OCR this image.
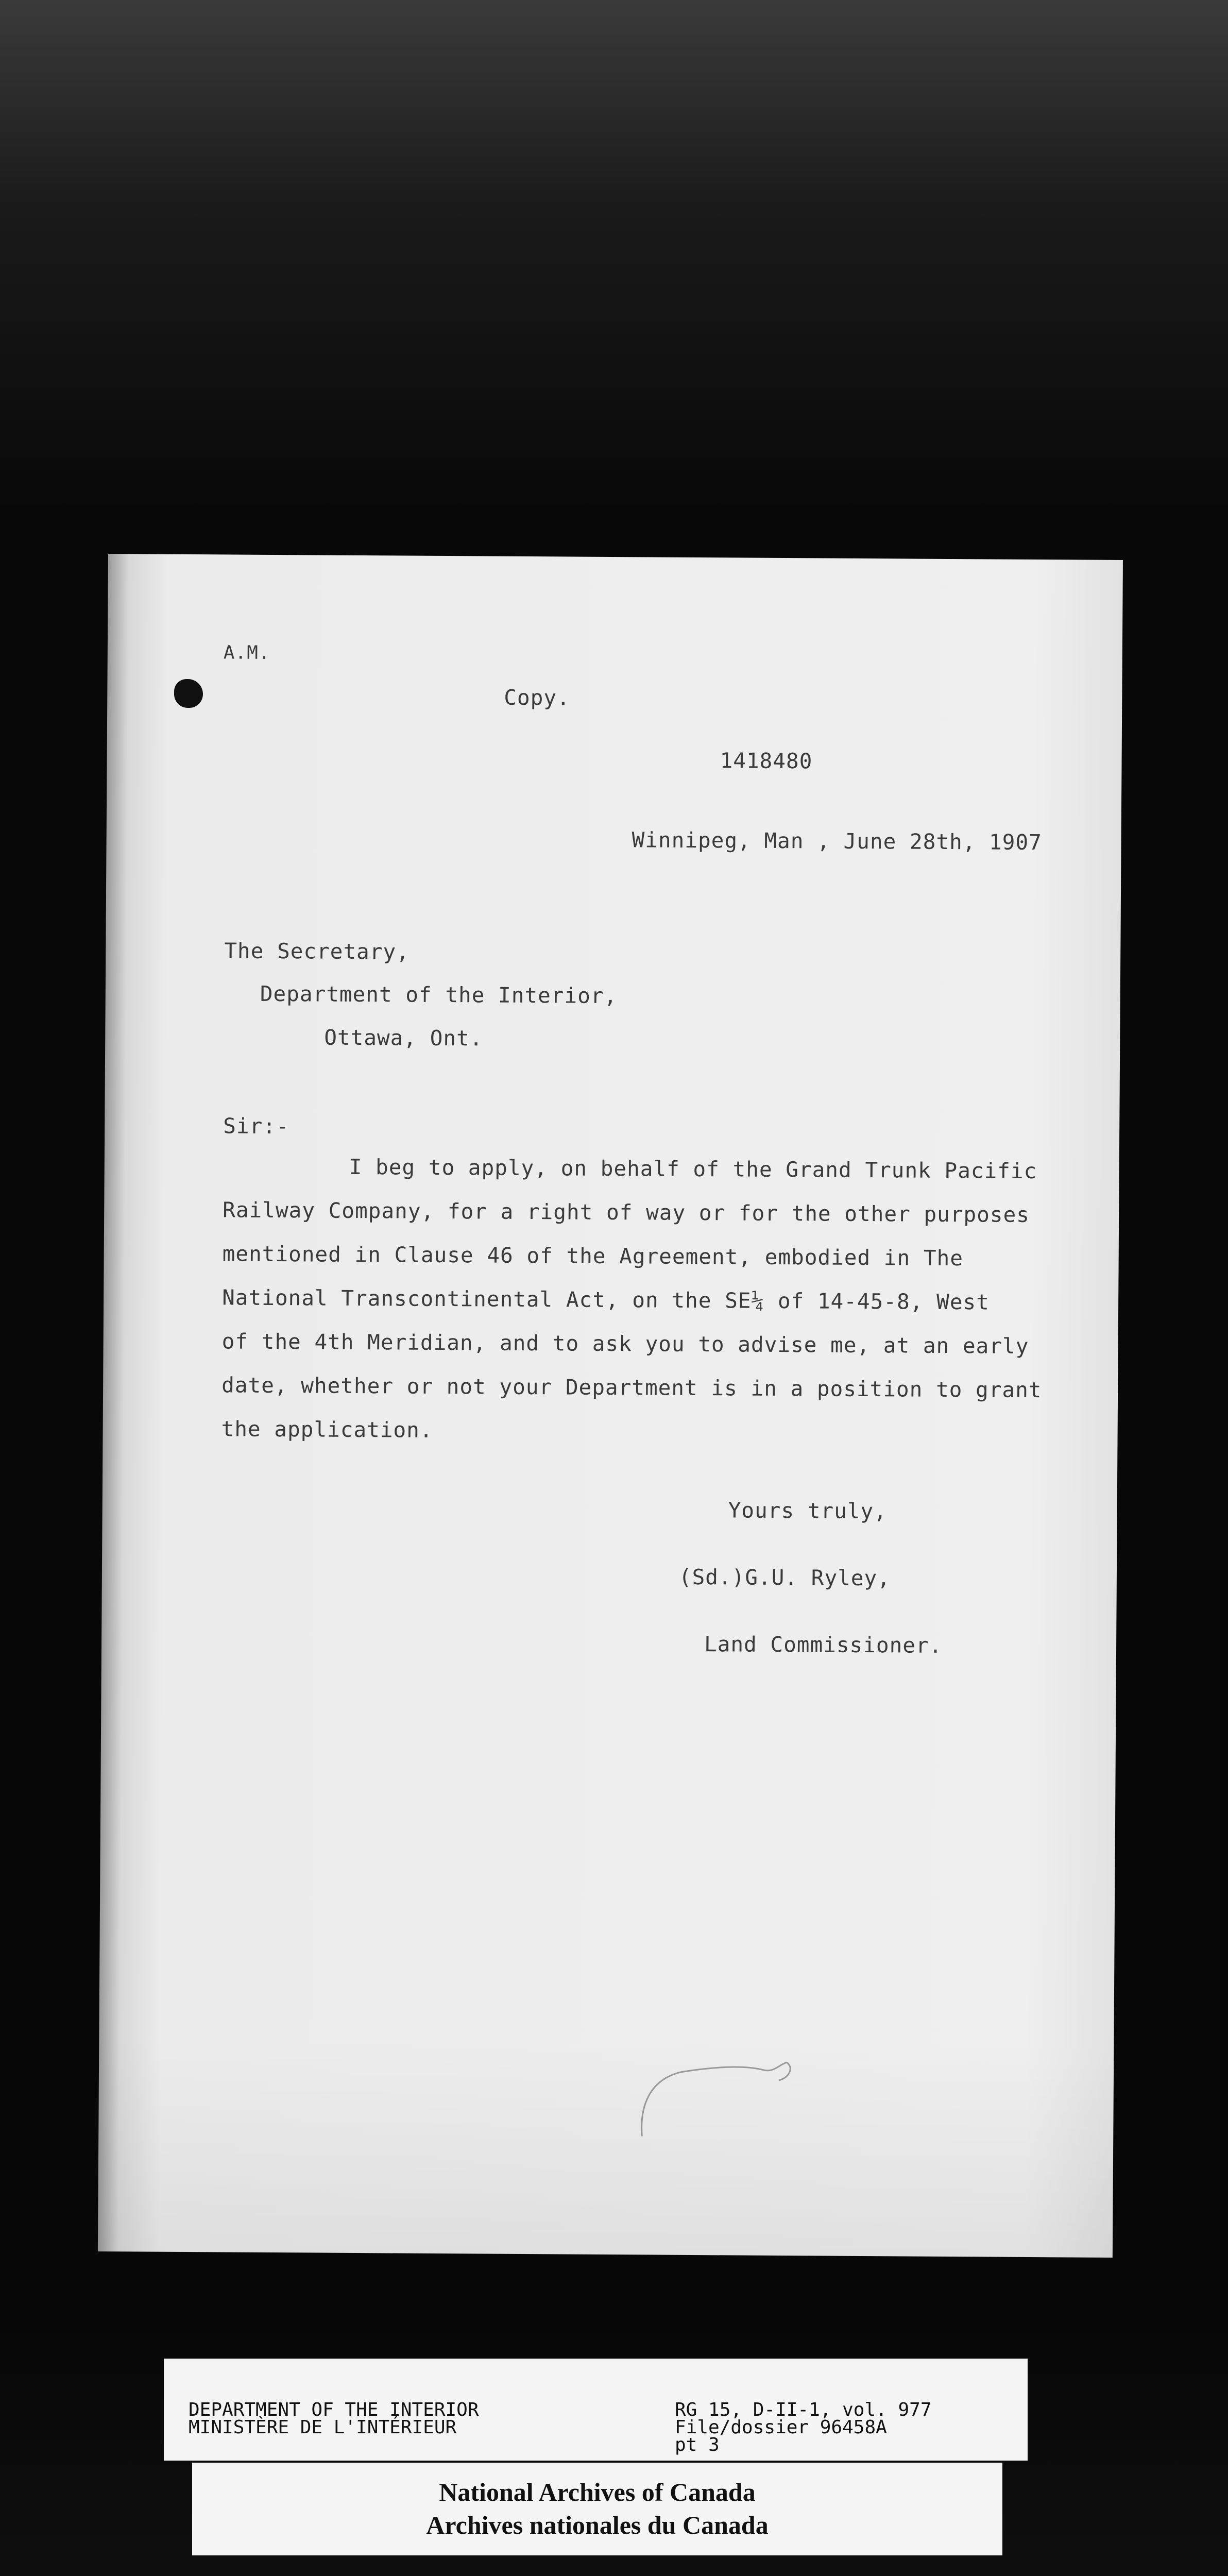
A.M.
Copy.
1418480
Winnipeg, Man , June 28th, 1907
The Secretary,
Department of the Interior,
Ottawa, Ont.
Sir:-
I beg to apply, on behalf of the Grand Trunk Pacific
Railway Company, for a right of way or for the other purposes
mentioned in Clause 46 of the Agreement, embodied in The
National Transcontinental Act, on the SE¼ of 14-45-8, West
of the 4th Meridian, and to ask you to advise me, at an early
date, whether or not your Department is in a position to grant
the application.
Yours truly,
(Sd.)G.U. Ryley,
Land Commissioner.
DEPARTMENT OF THE INTERIOR
MINISTÈRE DE L'INTÉRIEUR
RG 15, D-II-1, vol. 977
File/dossier 96458A
pt 3
National Archives of Canada
Archives nationales du Canada
